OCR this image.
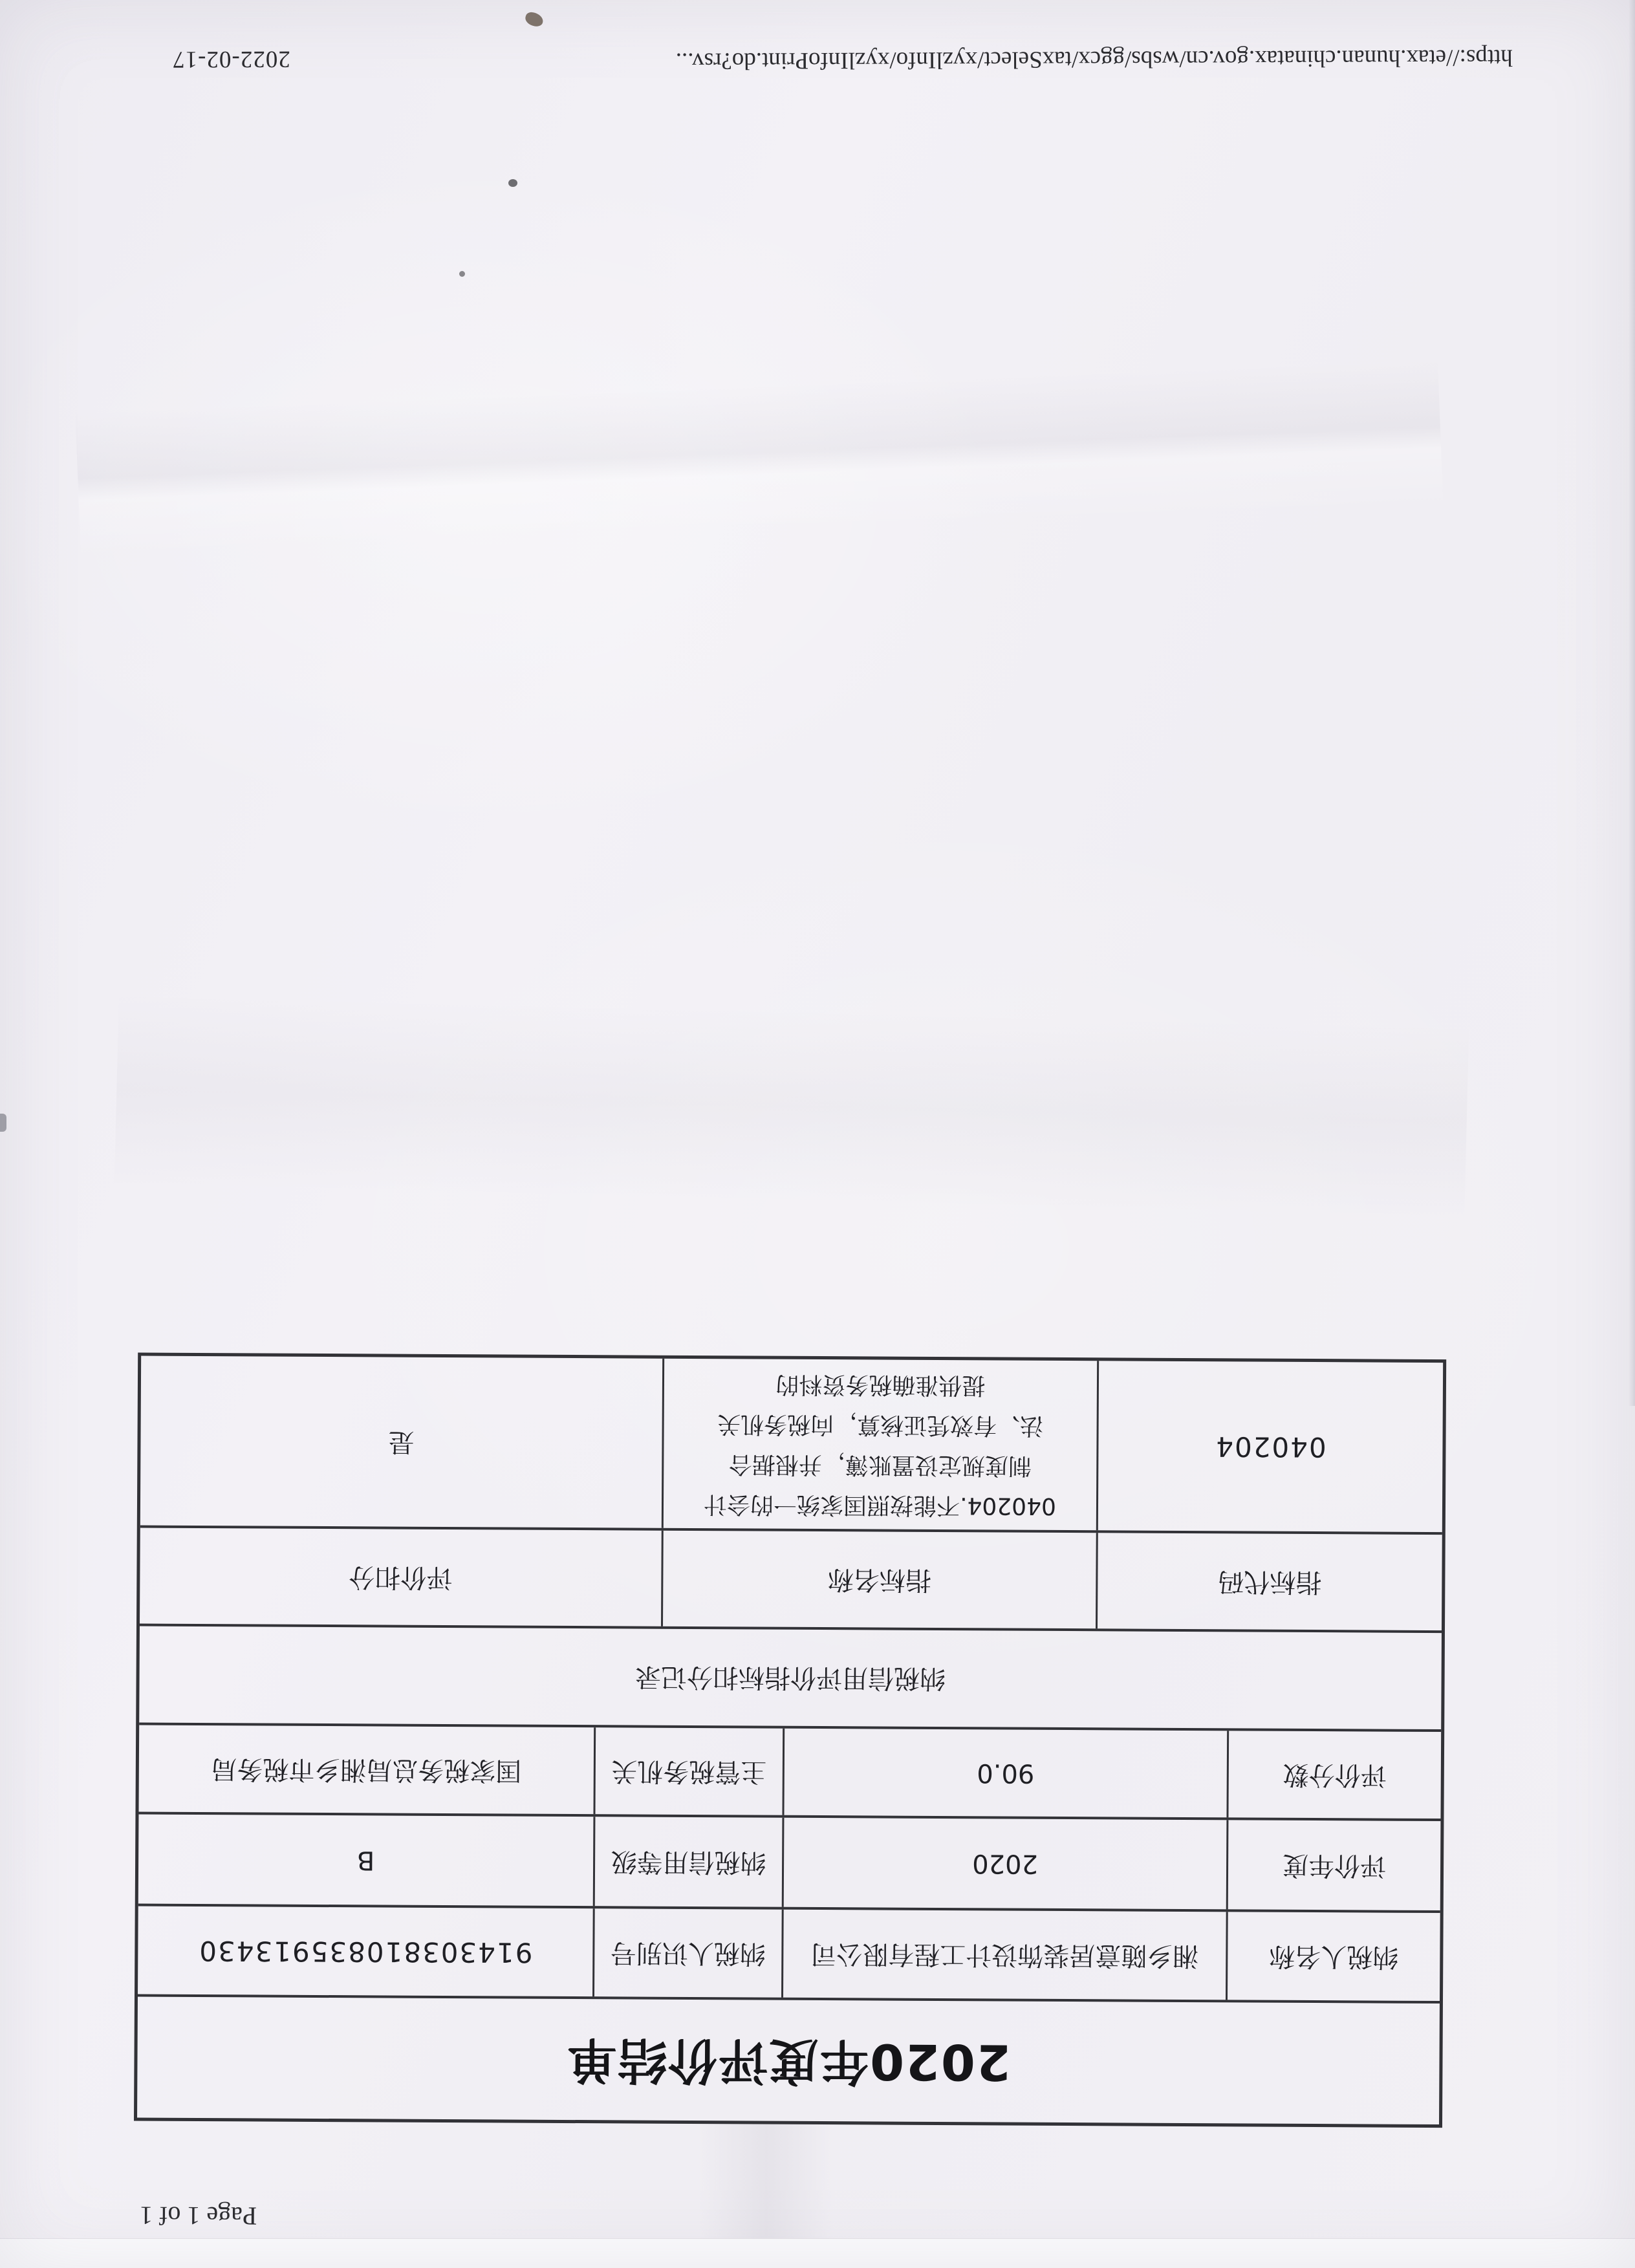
Page 1 of 1
2020年度评价结单
纳税人名称
湘乡随意居装饰设计工程有限公司
纳税人识别号
914303810835913430
评价年度
2020
纳税信用等级
B
评价分数
90.0
主管税务机关
国家税务总局湘乡市税务局
纳税信用评价指标扣分记录
指标代码
指标名称
评价扣分
040204
040204.不能按照国家统一的会计
制度规定设置账簿，并根据合
法、有效凭证核算，向税务机关
提供准确税务资料的
是
https://etax.hunan.chinatax.gov.cn/wsbs/ggcx/taxSelect/xyzlInfo/xyzlInfoPrint.do?rsv...
2022-02-17
